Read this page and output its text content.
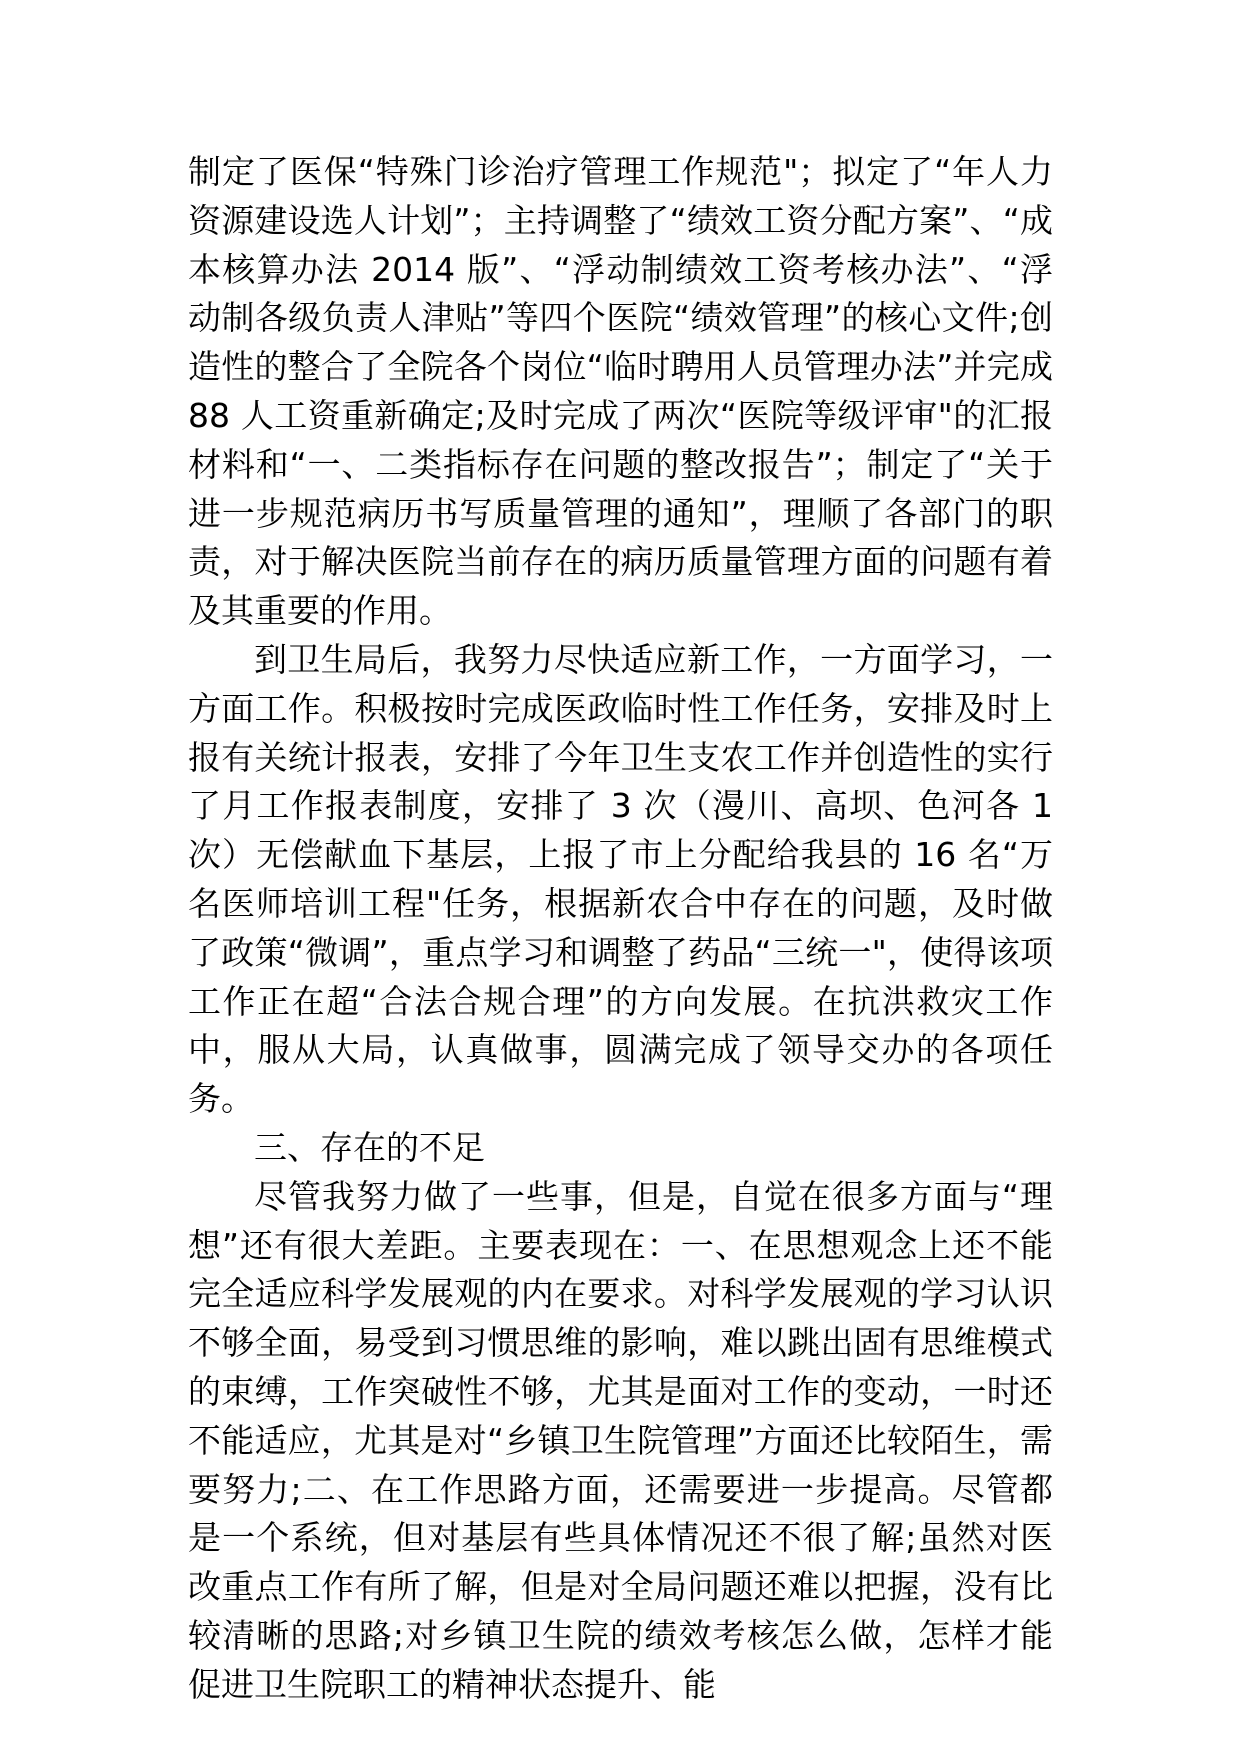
制定了医保“特殊门诊治疗管理工作规范"；拟定了“年人力资源建设选人计划”；主持调整了“绩效工资分配方案”、“成本核算办法 2014 版”、“浮动制绩效工资考核办法”、“浮动制各级负责人津贴”等四个医院“绩效管理”的核心文件;创造性的整合了全院各个岗位“临时聘用人员管理办法”并完成 88 人工资重新确定;及时完成了两次“医院等级评审"的汇报材料和“一、二类指标存在问题的整改报告”；制定了“关于进一步规范病历书写质量管理的通知”，理顺了各部门的职责，对于解决医院当前存在的病历质量管理方面的问题有着及其重要的作用。

到卫生局后，我努力尽快适应新工作，一方面学习，一方面工作。积极按时完成医政临时性工作任务，安排及时上报有关统计报表，安排了今年卫生支农工作并创造性的实行了月工作报表制度，安排了 3 次（漫川、高坝、色河各 1 次）无偿献血下基层，上报了市上分配给我县的 16 名“万名医师培训工程"任务，根据新农合中存在的问题，及时做了政策“微调”，重点学习和调整了药品“三统一"，使得该项工作正在超“合法合规合理”的方向发展。在抗洪救灾工作中，服从大局，认真做事，圆满完成了领导交办的各项任务。

三、存在的不足

尽管我努力做了一些事，但是，自觉在很多方面与“理想”还有很大差距。主要表现在：一、在思想观念上还不能完全适应科学发展观的内在要求。对科学发展观的学习认识不够全面，易受到习惯思维的影响，难以跳出固有思维模式的束缚，工作突破性不够，尤其是面对工作的变动，一时还不能适应，尤其是对“乡镇卫生院管理”方面还比较陌生，需要努力;二、在工作思路方面，还需要进一步提高。尽管都是一个系统，但对基层有些具体情况还不很了解;虽然对医改重点工作有所了解，但是对全局问题还难以把握，没有比较清晰的思路;对乡镇卫生院的绩效考核怎么做，怎样才能促进卫生院职工的精神状态提升、能
